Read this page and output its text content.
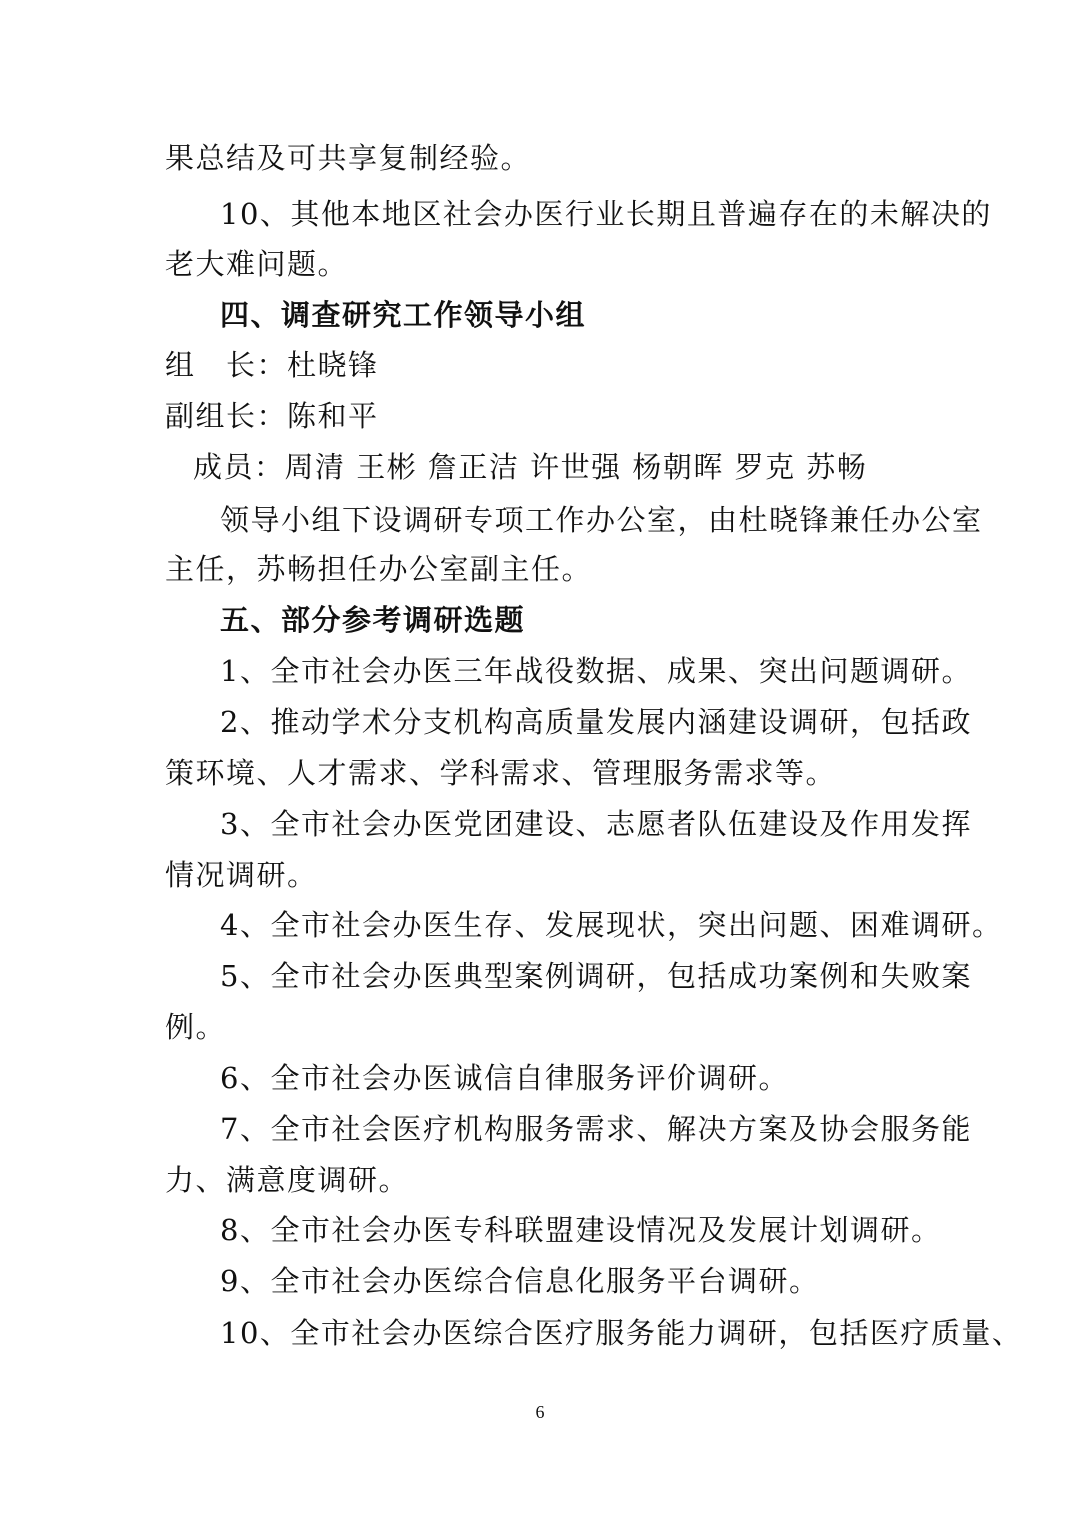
果总结及可共享复制经验。
10、其他本地区社会办医行业长期且普遍存在的未解决的
老大难问题。
四、调查研究工作领导小组
组　长：杜晓锋
副组长：陈和平
成员：周清 王彬 詹正洁 许世强 杨朝晖 罗克 苏畅
领导小组下设调研专项工作办公室，由杜晓锋兼任办公室
主任，苏畅担任办公室副主任。
五、部分参考调研选题
1、全市社会办医三年战役数据、成果、突出问题调研。
2、推动学术分支机构高质量发展内涵建设调研，包括政
策环境、人才需求、学科需求、管理服务需求等。
3、全市社会办医党团建设、志愿者队伍建设及作用发挥
情况调研。
4、全市社会办医生存、发展现状，突出问题、困难调研。
5、全市社会办医典型案例调研，包括成功案例和失败案
例。
6、全市社会办医诚信自律服务评价调研。
7、全市社会医疗机构服务需求、解决方案及协会服务能
力、满意度调研。
8、全市社会办医专科联盟建设情况及发展计划调研。
9、全市社会办医综合信息化服务平台调研。
10、全市社会办医综合医疗服务能力调研，包括医疗质量、
6
